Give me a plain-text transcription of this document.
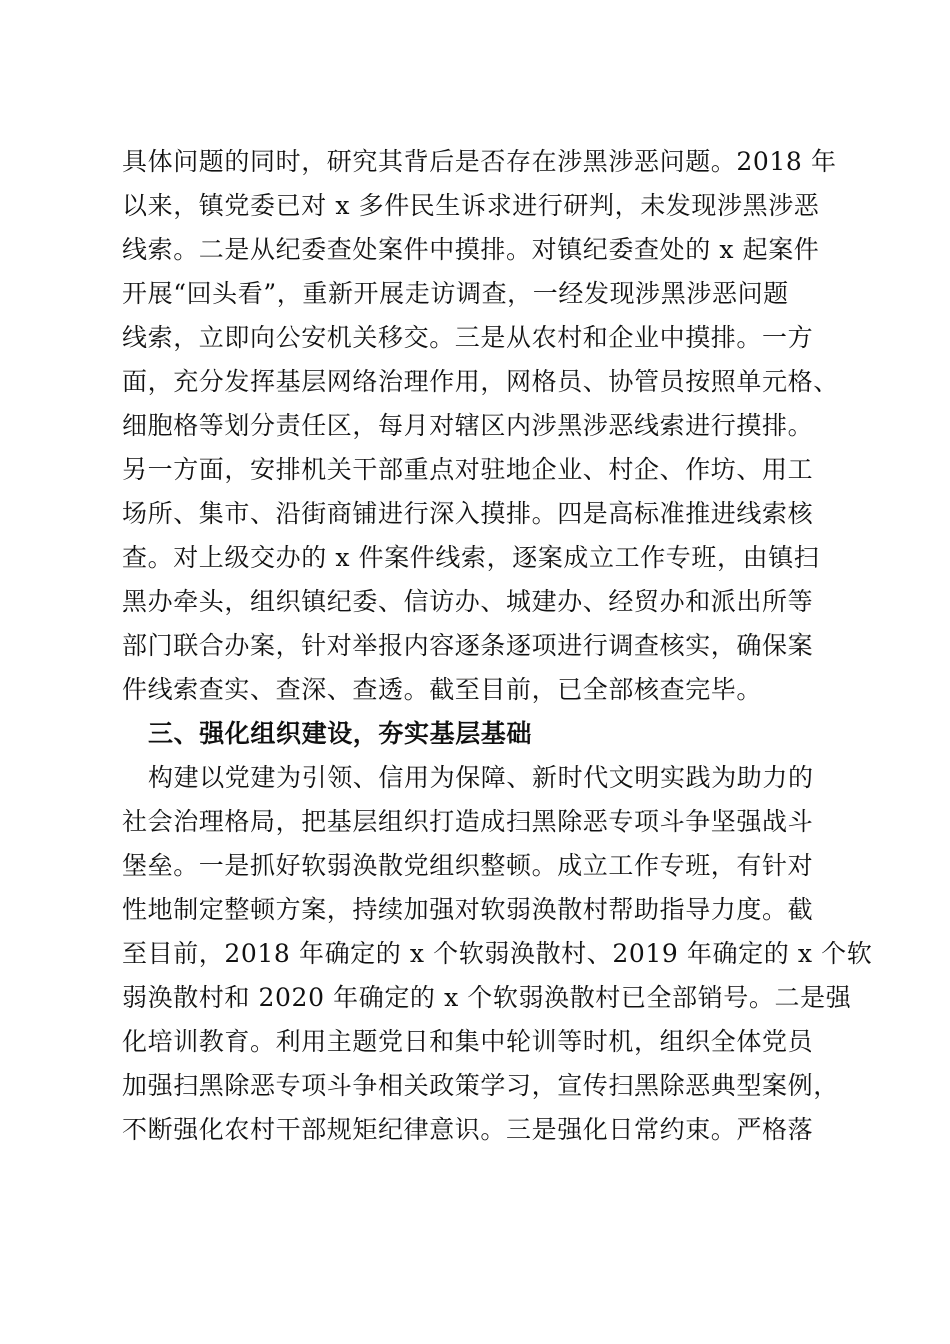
具体问题的同时，研究其背后是否存在涉黑涉恶问题。2018 年
以来，镇党委已对 x 多件民生诉求进行研判，未发现涉黑涉恶
线索。二是从纪委查处案件中摸排。对镇纪委查处的 x 起案件
开展“回头看”，重新开展走访调查，一经发现涉黑涉恶问题
线索，立即向公安机关移交。三是从农村和企业中摸排。一方
面，充分发挥基层网络治理作用，网格员、协管员按照单元格、
细胞格等划分责任区，每月对辖区内涉黑涉恶线索进行摸排。
另一方面，安排机关干部重点对驻地企业、村企、作坊、用工
场所、集市、沿街商铺进行深入摸排。四是高标准推进线索核
查。对上级交办的 x 件案件线索，逐案成立工作专班，由镇扫
黑办牵头，组织镇纪委、信访办、城建办、经贸办和派出所等
部门联合办案，针对举报内容逐条逐项进行调查核实，确保案
件线索查实、查深、查透。截至目前，已全部核查完毕。
三、强化组织建设，夯实基层基础
构建以党建为引领、信用为保障、新时代文明实践为助力的
社会治理格局，把基层组织打造成扫黑除恶专项斗争坚强战斗
堡垒。一是抓好软弱涣散党组织整顿。成立工作专班，有针对
性地制定整顿方案，持续加强对软弱涣散村帮助指导力度。截
至目前，2018 年确定的 x 个软弱涣散村、2019 年确定的 x 个软
弱涣散村和 2020 年确定的 x 个软弱涣散村已全部销号。二是强
化培训教育。利用主题党日和集中轮训等时机，组织全体党员
加强扫黑除恶专项斗争相关政策学习，宣传扫黑除恶典型案例，
不断强化农村干部规矩纪律意识。三是强化日常约束。严格落
